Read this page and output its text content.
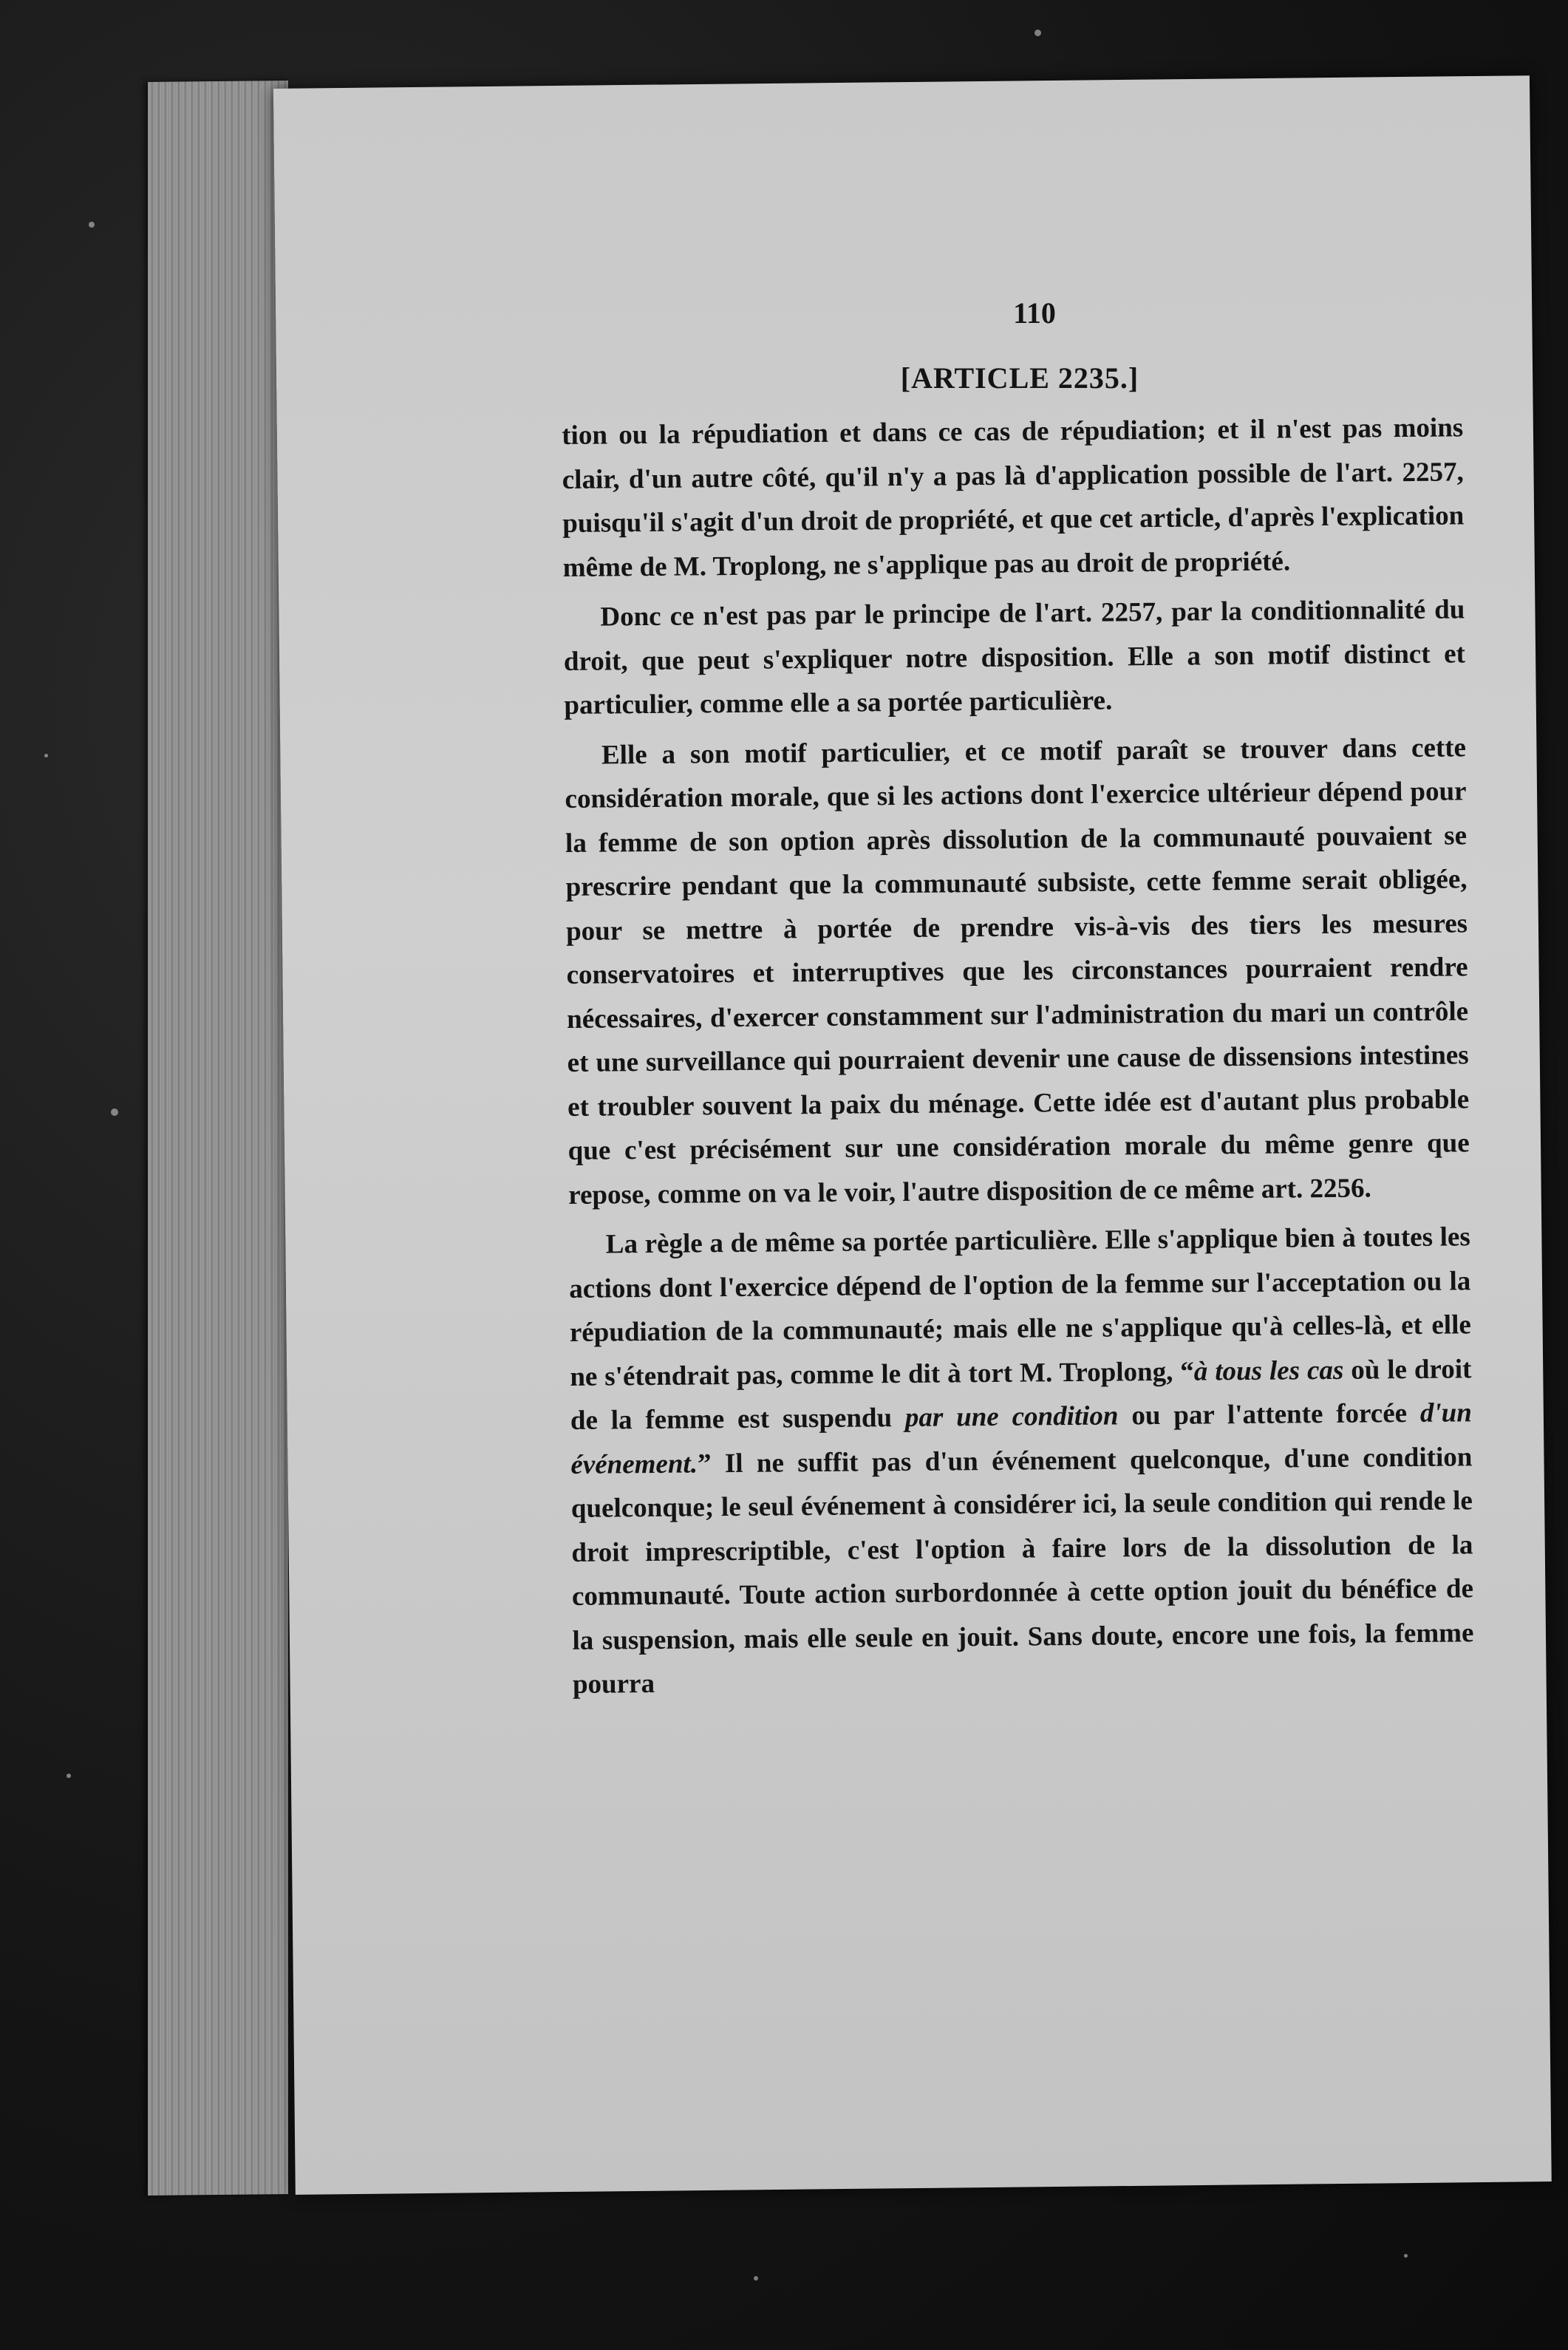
110
[ARTICLE 2235.]

tion ou la répudiation et dans ce cas de répudiation; et il n'est pas moins clair, d'un autre côté, qu'il n'y a pas là d'application possible de l'art. 2257, puisqu'il s'agit d'un droit de propriété, et que cet article, d'après l'explication même de M. Troplong, ne s'applique pas au droit de propriété.

Donc ce n'est pas par le principe de l'art. 2257, par la conditionnalité du droit, que peut s'expliquer notre disposition. Elle a son motif distinct et particulier, comme elle a sa portée particulière.

Elle a son motif particulier, et ce motif paraît se trouver dans cette considération morale, que si les actions dont l'exercice ultérieur dépend pour la femme de son option après dissolution de la communauté pouvaient se prescrire pendant que la communauté subsiste, cette femme serait obligée, pour se mettre à portée de prendre vis-à-vis des tiers les mesures conservatoires et interruptives que les circonstances pourraient rendre nécessaires, d'exercer constamment sur l'administration du mari un contrôle et une surveillance qui pourraient devenir une cause de dissensions intestines et troubler souvent la paix du ménage. Cette idée est d'autant plus probable que c'est précisément sur une considération morale du même genre que repose, comme on va le voir, l'autre disposition de ce même art. 2256.

La règle a de même sa portée particulière. Elle s'applique bien à toutes les actions dont l'exercice dépend de l'option de la femme sur l'acceptation ou la répudiation de la communauté; mais elle ne s'applique qu'à celles-là, et elle ne s'étendrait pas, comme le dit à tort M. Troplong, “à tous les cas où le droit de la femme est suspendu par une condition ou par l'attente forcée d'un événement.” Il ne suffit pas d'un événement quelconque, d'une condition quelconque; le seul événement à considérer ici, la seule condition qui rende le droit imprescriptible, c'est l'option à faire lors de la dissolution de la communauté. Toute action surbordonnée à cette option jouit du bénéfice de la suspension, mais elle seule en jouit. Sans doute, encore une fois, la femme pourra
